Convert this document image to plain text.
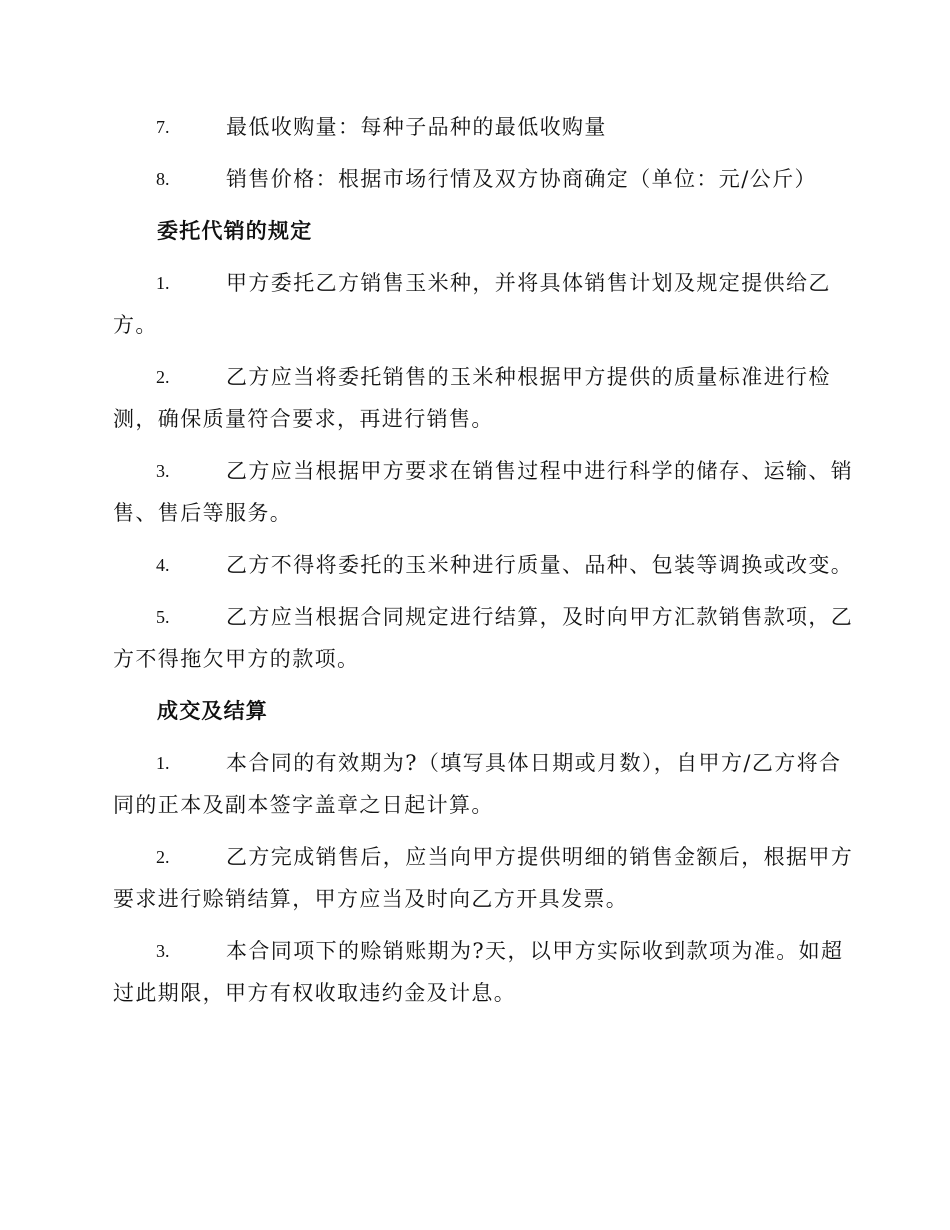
7.	最低收购量：每种子品种的最低收购量
8.	销售价格：根据市场行情及双方协商确定（单位：元/公斤）
委托代销的规定
1.	甲方委托乙方销售玉米种，并将具体销售计划及规定提供给乙
方。
2.	乙方应当将委托销售的玉米种根据甲方提供的质量标准进行检
测，确保质量符合要求，再进行销售。
3.	乙方应当根据甲方要求在销售过程中进行科学的储存、运输、销
售、售后等服务。
4.	乙方不得将委托的玉米种进行质量、品种、包装等调换或改变。
5.	乙方应当根据合同规定进行结算，及时向甲方汇款销售款项，乙
方不得拖欠甲方的款项。
成交及结算
1.	本合同的有效期为?（填写具体日期或月数），自甲方/乙方将合
同的正本及副本签字盖章之日起计算。
2.	乙方完成销售后，应当向甲方提供明细的销售金额后，根据甲方
要求进行赊销结算，甲方应当及时向乙方开具发票。
3.	本合同项下的赊销账期为?天，以甲方实际收到款项为准。如超
过此期限，甲方有权收取违约金及计息。
